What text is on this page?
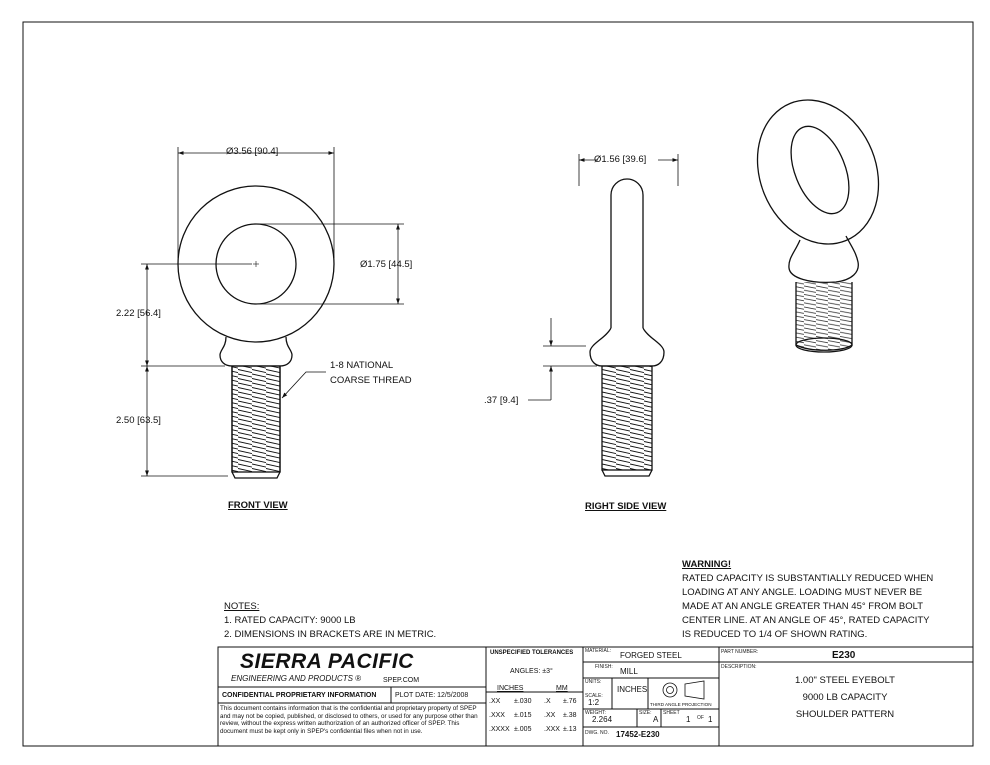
Ø3.56 [90.4]
Ø1.75 [44.5]
2.22 [56.4]
2.50 [63.5]
1-8 NATIONAL
COARSE THREAD
FRONT VIEW
Ø1.56 [39.6]
.37 [9.4]
RIGHT SIDE VIEW
WARNING!
RATED CAPACITY IS SUBSTANTIALLY REDUCED WHEN
LOADING AT ANY ANGLE. LOADING MUST NEVER BE
MADE AT AN ANGLE GREATER THAN 45° FROM BOLT
CENTER LINE. AT AN ANGLE OF 45°, RATED CAPACITY
IS REDUCED TO 1/4 OF SHOWN RATING.
NOTES:
1. RATED CAPACITY: 9000 LB
2. DIMENSIONS IN BRACKETS ARE IN METRIC.
SIERRA PACIFIC
ENGINEERING AND PRODUCTS ®	SPEP.COM
CONFIDENTIAL PROPRIETARY INFORMATION	PLOT DATE: 12/5/2008
This document contains information that is the confidential and proprietary property of SPEP and may not be copied, published, or disclosed to others, or used for any purpose other than review, without the express written authorization of an authorized officer of SPEP. This document must be kept only in SPEP's confidential files when not in use.
UNSPECIFIED TOLERANCES
ANGLES: ±3°
INCHES	MM
.XX ±.030 .X ±.76
.XXX ±.015 .XX ±.38
.XXXX ±.005 .XXX ±.13
MATERIAL: FORGED STEEL
FINISH: MILL
UNITS:
INCHES
SCALE:
1:2	THIRD ANGLE PROJECTION
WEIGHT:
2.264
SIZE:
A
SHEET
1 OF 1
DWG. NO. 17452-E230
PART NUMBER:	E230
DESCRIPTION:
1.00" STEEL EYEBOLT
9000 LB CAPACITY
SHOULDER PATTERN
